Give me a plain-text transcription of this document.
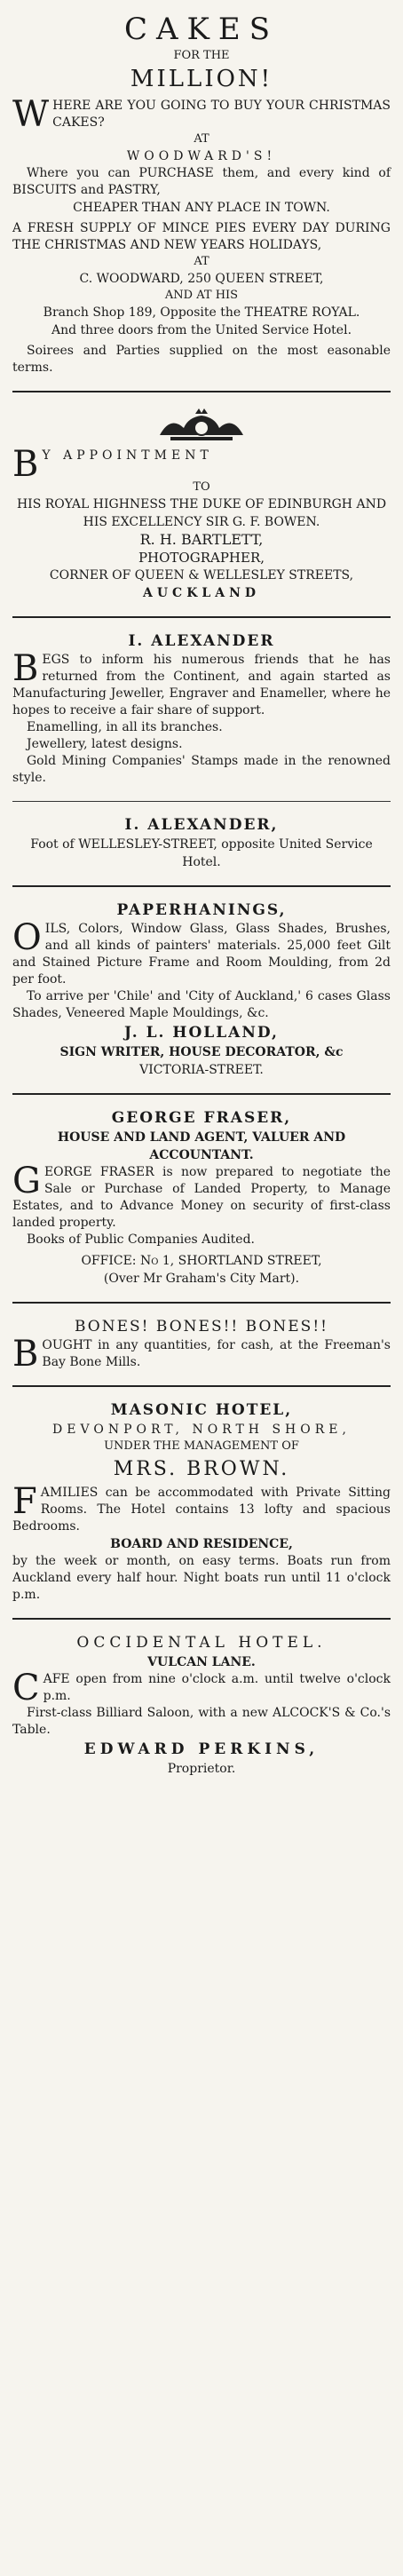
CAKES
FOR THE
MILLION!

WHERE ARE YOU GOING TO BUY YOUR CHRISTMAS CAKES?

AT
WOODWARD'S!

Where you can PURCHASE them, and every kind of BISCUITS and PASTRY,

CHEAPER THAN ANY PLACE IN TOWN.

A FRESH SUPPLY OF MINCE PIES EVERY DAY DURING THE CHRISTMAS AND NEW YEARS HOLIDAYS,

AT
C. WOODWARD, 250 QUEEN STREET,
AND AT HIS
Branch Shop 189, Opposite the THEATRE ROYAL.
And three doors from the United Service Hotel.

Soirees and Parties supplied on the most easonable terms.

B Y APPOINTMENT

TO
HIS ROYAL HIGHNESS THE DUKE OF EDINBURGH AND HIS EXCELLENCY SIR G. F. BOWEN.
R. H. BARTLETT,
PHOTOGRAPHER,
CORNER OF QUEEN & WELLESLEY STREETS,
AUCKLAND
I. ALEXANDER

BEGS to inform his numerous friends that he has returned from the Continent, and again started as Manufacturing Jeweller, Engraver and Enameller, where he hopes to receive a fair share of support.

Enamelling, in all its branches.

Jewellery, latest designs.

Gold Mining Companies' Stamps made in the renowned style.

I. ALEXANDER,
Foot of WELLESLEY-STREET, opposite United Service Hotel.
PAPERHANINGS,

OILS, Colors, Window Glass, Glass Shades, Brushes, and all kinds of painters' materials. 25,000 feet Gilt and Stained Picture Frame and Room Moulding, from 2d per foot.

To arrive per 'Chile' and 'City of Auckland,' 6 cases Glass Shades, Veneered Maple Mouldings, &c.

J. L. HOLLAND,
SIGN WRITER, HOUSE DECORATOR, &c
VICTORIA-STREET.
GEORGE FRASER,
HOUSE AND LAND AGENT, VALUER AND ACCOUNTANT.

GEORGE FRASER is now prepared to negotiate the Sale or Purchase of Landed Property, to Manage Estates, and to Advance Money on security of first-class landed property.

Books of Public Companies Audited.

OFFICE: No 1, SHORTLAND STREET,
(Over Mr Graham's City Mart).
BONES! BONES!! BONES!!

BOUGHT in any quantities, for cash, at the Freeman's Bay Bone Mills.

MASONIC HOTEL,
DEVONPORT, NORTH SHORE,
UNDER THE MANAGEMENT OF
MRS. BROWN.

FAMILIES can be accommodated with Private Sitting Rooms. The Hotel contains 13 lofty and spacious Bedrooms.

BOARD AND RESIDENCE,

by the week or month, on easy terms. Boats run from Auckland every half hour. Night boats run until 11 o'clock p.m.

OCCIDENTAL HOTEL.
VULCAN LANE.

CAFE open from nine o'clock a.m. until twelve o'clock p.m.

First-class Billiard Saloon, with a new ALCOCK'S & Co.'s Table.

EDWARD PERKINS,
Proprietor.
